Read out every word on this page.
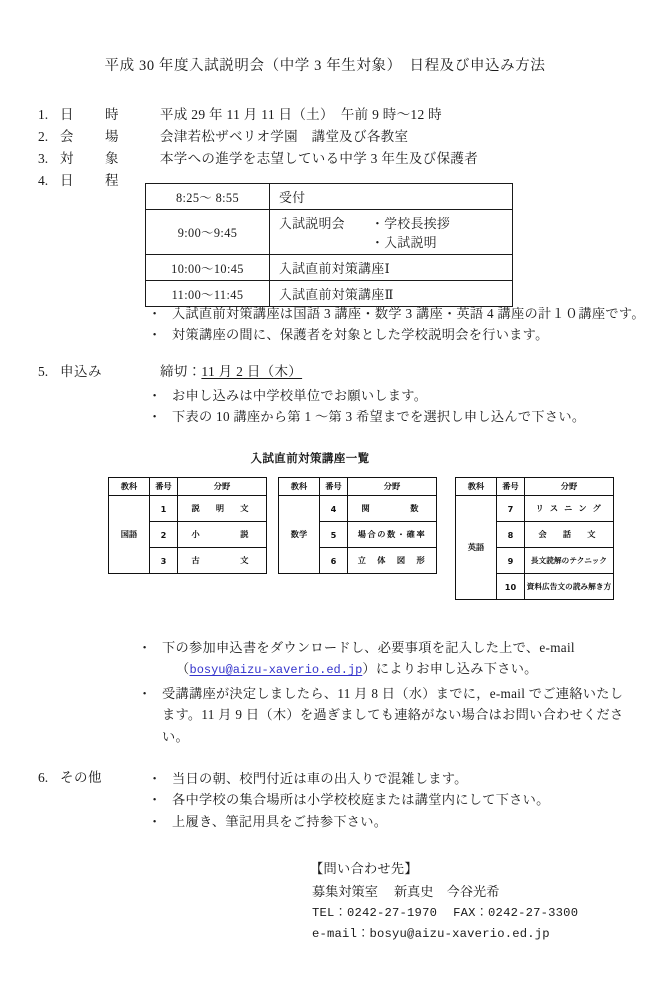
平成 30 年度入試説明会（中学 3 年生対象）　日程及び申込み方法
1. 日　時	平成 29 年 11 月 11 日（土）　午前 9 時〜12 時
2. 会　場	会津若松ザベリオ学園　講堂及び各教室
3. 対　象	本学への進学を志望している中学 3 年生及び保護者
4. 日　程
8:25〜 8:55	受付
9:00〜9:45	入試説明会 ・学校長挨拶
・入試説明

10:00〜10:45	入試直前対策講座Ⅰ
11:00〜11:45	入試直前対策講座Ⅱ
・ 入試直前対策講座は国語 3 講座・数学 3 講座・英語 4 講座の計１０講座です。
・ 対策講座の間に、保護者を対象とした学校説明会を行います。
5. 申込み	締切：11 月 2 日（木）
・ お申し込みは中学校単位でお願いします。
・ 下表の 10 講座から第 1 〜第 3 希望までを選択し申し込んで下さい。
入試直前対策講座一覧
教科	番号	分野
国語	1	説　明　文
	2	小　　　説
	3	古　　　文
教科	番号	分野
数学	4	関　　　数
	5	場合の数・確率
	6	立　体　図　形
教科	番号	分野
英語	7	リ ス ニ ン グ
	8	会　話　文
	9	長文読解のテクニック
	10	資料広告文の読み解き方
・ 下の参加申込書をダウンロードし、必要事項を記入した上で、e-mail
（bosyu@aizu-xaverio.ed.jp）によりお申し込み下さい。
・ 受講講座が決定しましたら、11 月 8 日（水）までに，e-mail でご連絡いたし
ます。11 月 9 日（木）を過ぎましても連絡がない場合はお問い合わせくださ
い。
6. その他	・ 当日の朝、校門付近は車の出入りで混雑します。
・ 各中学校の集合場所は小学校校庭または講堂内にして下さい。
・ 上履き、筆記用具をご持参下さい。
【問い合わせ先】
募集対策室 新真史　今谷光希
TEL：0242-27-1970 FAX：0242-27-3300
e-mail：bosyu@aizu-xaverio.ed.jp
